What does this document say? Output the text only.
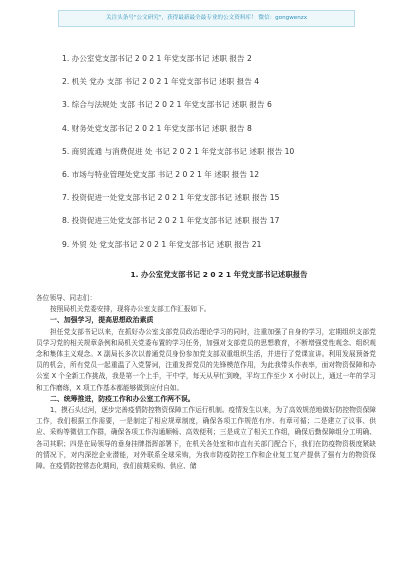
关注头条号"公文研究"，获得最新最全最专业的公文资料库！ 微信：gongwenzx
1. 办公室党支部书记 2 0 2 1 年党支部书记 述职 报告 2
2. 机关 党办 支部 书记 2 0 2 1 年党支部书记 述职 报告 4
3. 综合与法规处 支部 书记 2 0 2 1 年党支部书记 述职 报告 6
4. 财务处党支部书记 2 0 2 1 年党支部书记 述职 报告 8
5. 商贸流通 与消费促进 处 书记 2 0 2 1 年党支部书记 述职 报告 10
6. 市场与特业管理处党支部 书记 2 0 2 1 年 述职 报告 12
7. 投资促进一处党支部书记 2 0 2 1 年党支部书记 述职 报告 15
8. 投资促进三处党支部书记 2 0 2 1 年党支部书记 述职 报告 17
9. 外贸 处 党支部书记 2 0 2 1 年党支部书记 述职 报告 21
1. 办公室党支部书记 2 0 2 1 年党支部书记述职报告

各位领导、同志们：

按照局机关党委安排，现将办公室支部工作汇报如下。

一、加强学习，提高思想政治素质

担任党支部书记以来，在抓好办公室支部党员政治理论学习的同时，注重加强了自身的学习，定期组织支部党员学习党的相关规章条例和局机关党委布置的学习任务，加强对支部党员的思想教育，不断增强党性观念、组织观念和集体主义观念。X 副局长多次以普通党员身份参加党支部双重组织生活，并进行了党课宣讲。利用发展预备党员的机会，所有党员一起重温了入党誓词，注重发挥党员的先锋模范作用，为此我带头作表率，面对物资保障和办公室 X 个全新工作挑战，我是第一个上手，干中学，每天从早忙到晚，平均工作至少 X 小时以上，通过一年的学习和工作磨练，X 项工作基本都能够做到应付自如。

二、统筹推进，防疫工作和办公室工作两不误。

1、摸石头过河，逐步完善疫情防控物资保障工作运行机制。疫情发生以来，为了高效规范地做好防控物资保障工作，我们根据工作需要，一是制定了相应规章制度，确保各项工作规范有序、有章可循；二是建立了议事、供应、采购等微信工作群，确保各项工作沟通顺畅、高效便利；三是成立了相关工作组，确保后勤保障组分工明确、各司其职；四是在局领导的垂身挂牌指挥部署下，在机关各处室和市直有关部门配合下，我们在防疫物资极度紧缺的情况下，对内深挖企业潜能，对外联系全球采购，为我市防疫防控工作和企业复工复产提供了强有力的物资保障。在疫情防控常态化期间，我们前期采购、供应、储
